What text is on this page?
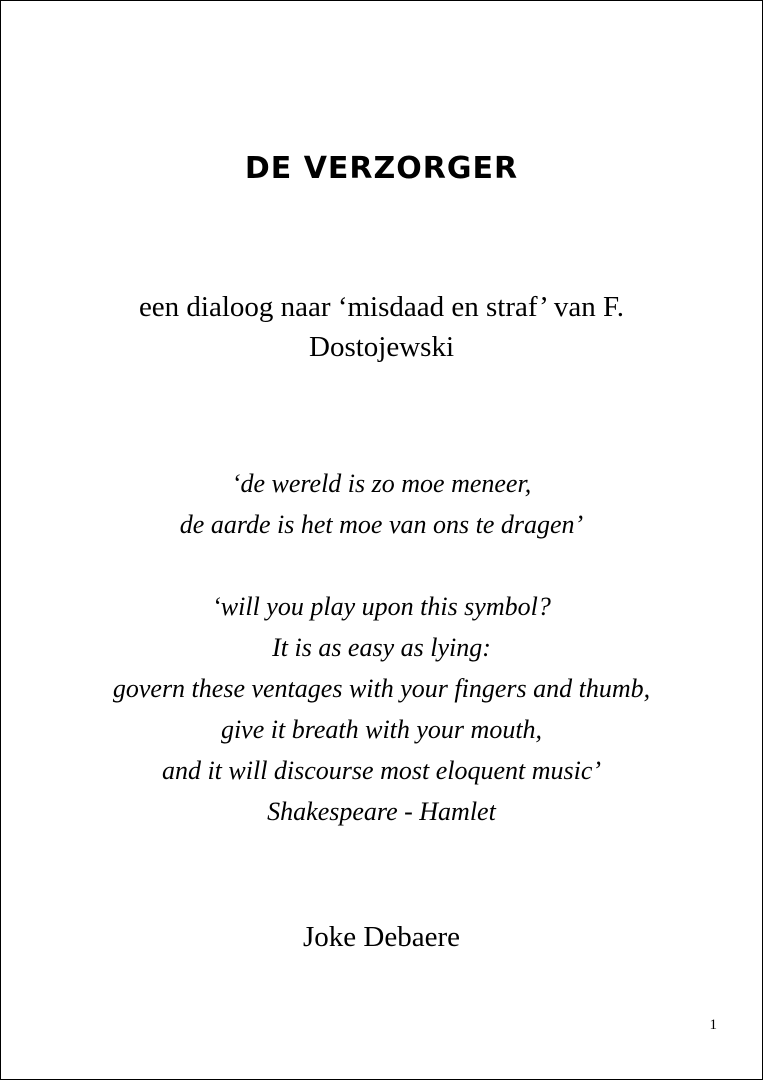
DE VERZORGER
een dialoog naar ‘misdaad en straf’ van F.
Dostojewski
‘de wereld is zo moe meneer,
de aarde is het moe van ons te dragen’
‘will you play upon this symbol?
It is as easy as lying:
govern these ventages with your fingers and thumb,
give it breath with your mouth,
and it will discourse most eloquent music’
Shakespeare - Hamlet
Joke Debaere
1
